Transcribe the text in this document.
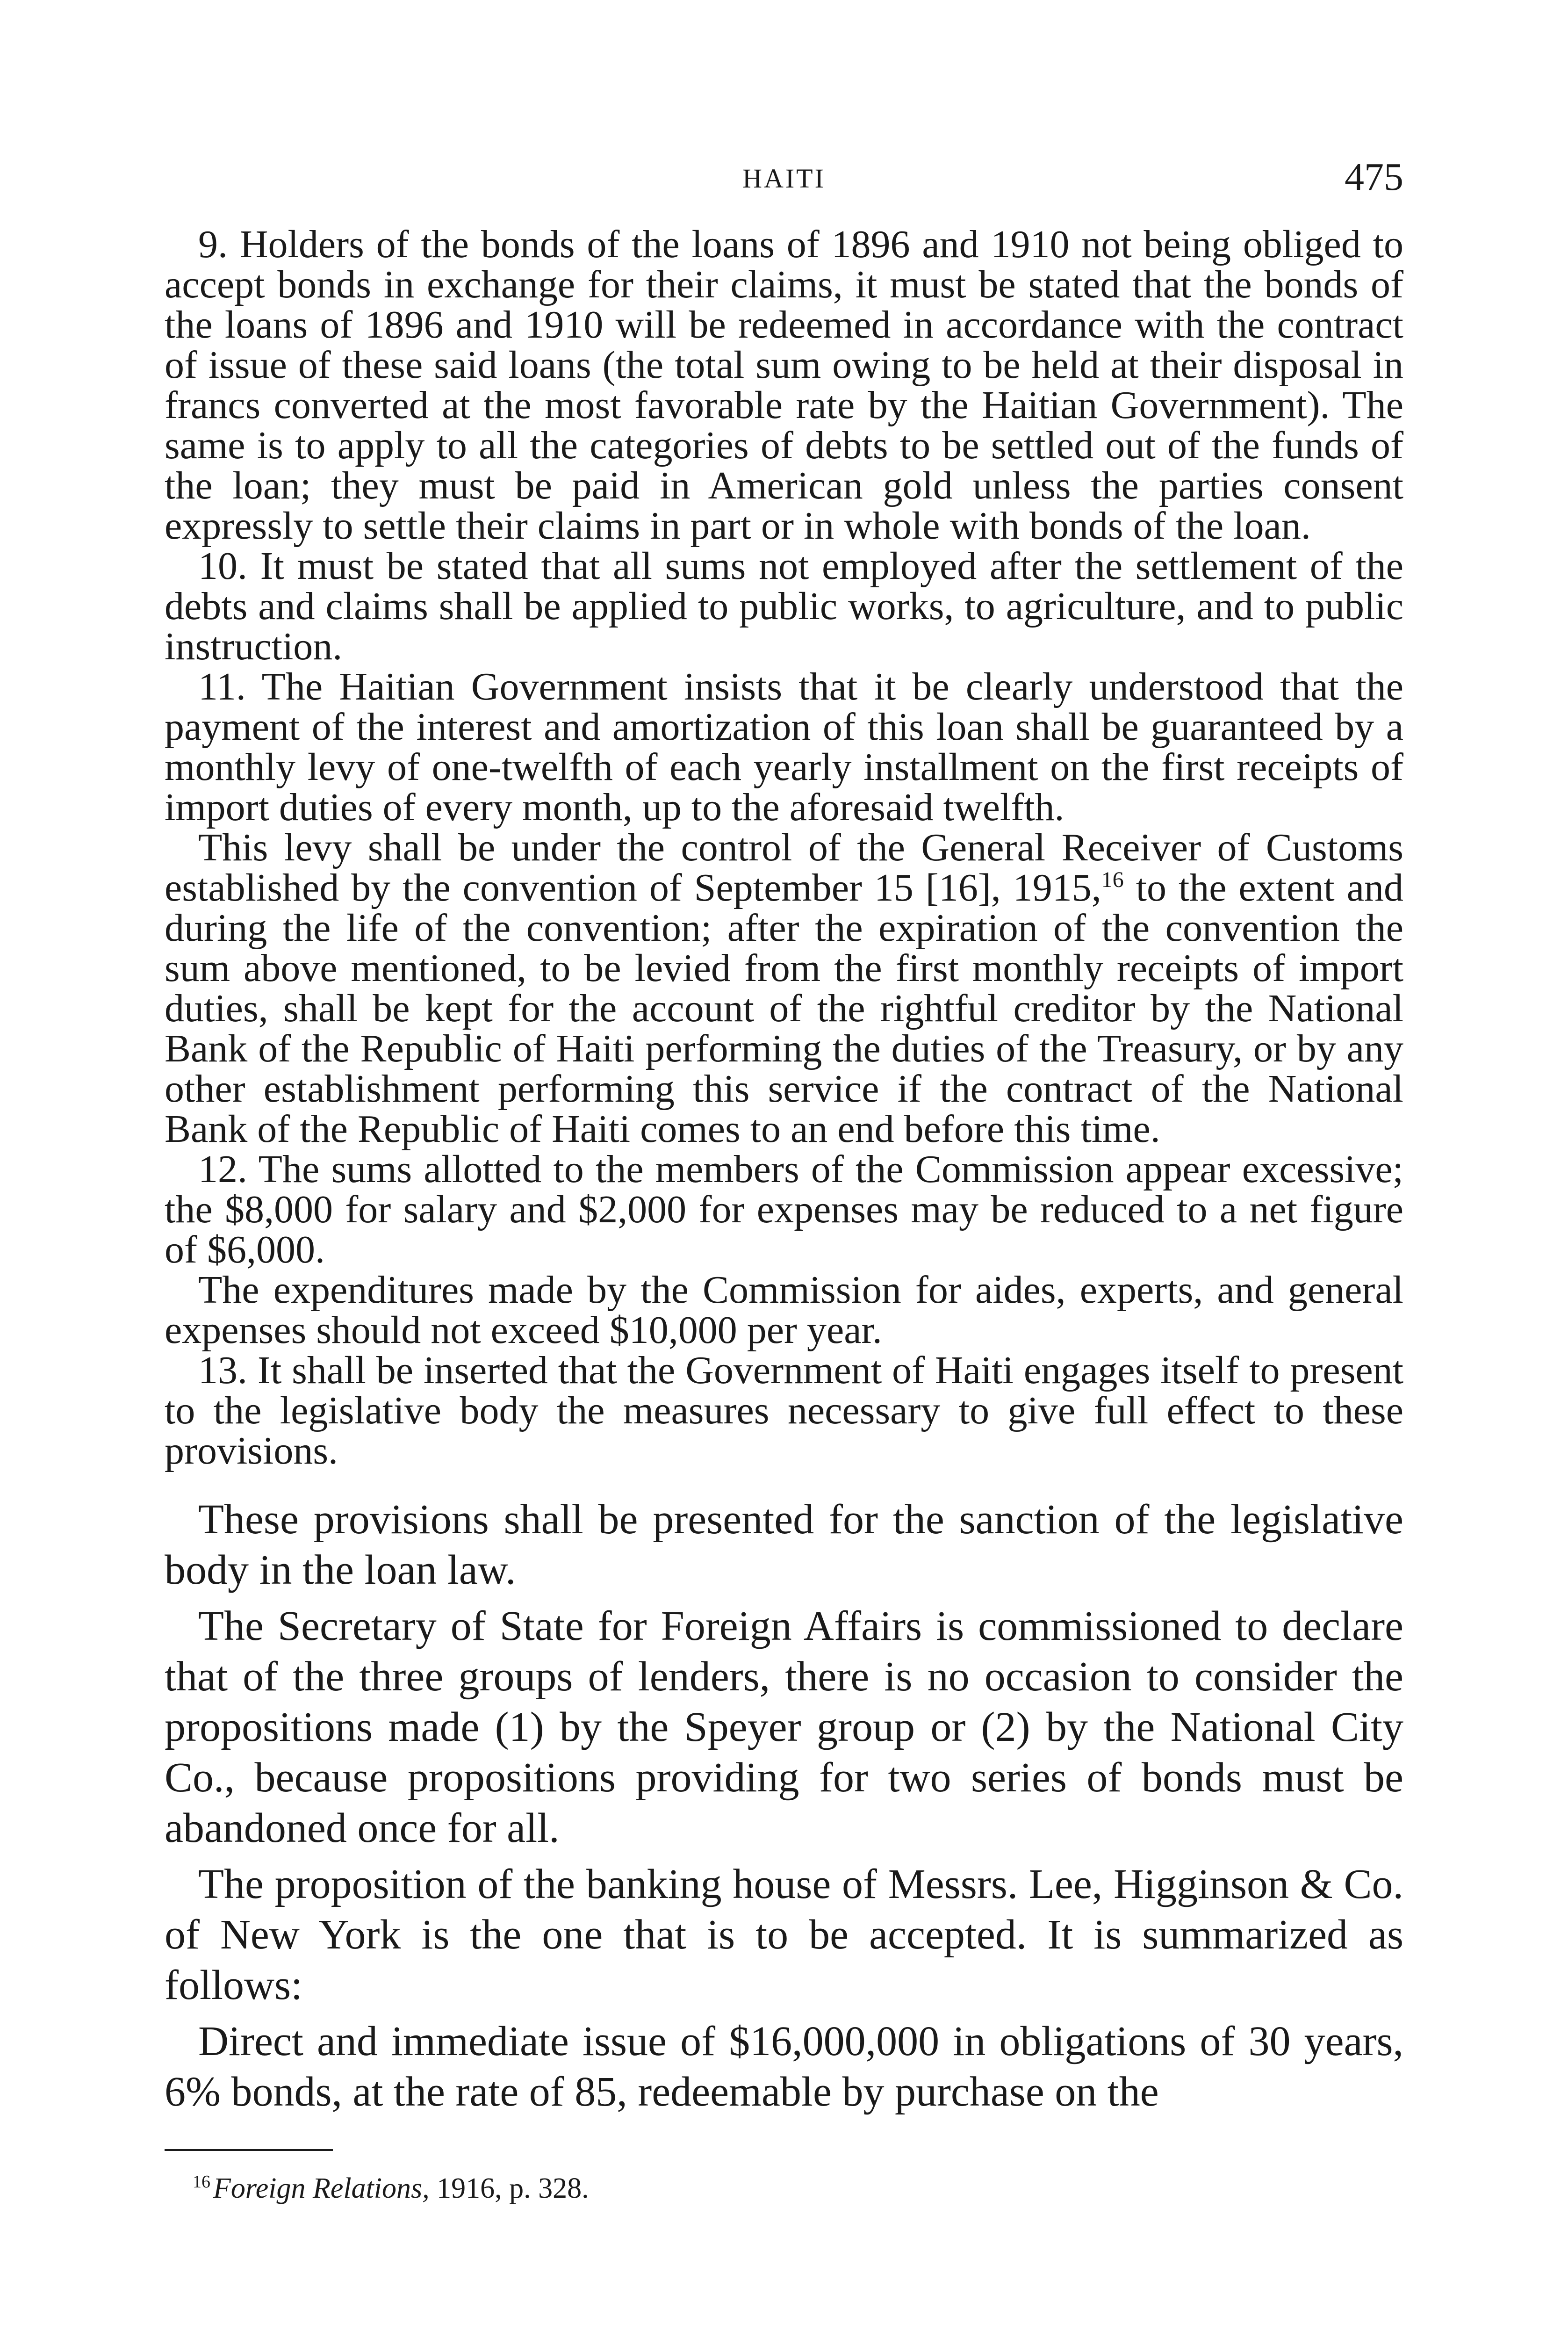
HAITI	475

9. Holders of the bonds of the loans of 1896 and 1910 not being obliged to accept bonds in exchange for their claims, it must be stated that the bonds of the loans of 1896 and 1910 will be redeemed in accordance with the contract of issue of these said loans (the total sum owing to be held at their disposal in francs converted at the most favorable rate by the Haitian Government). The same is to apply to all the categories of debts to be settled out of the funds of the loan; they must be paid in American gold unless the parties consent expressly to settle their claims in part or in whole with bonds of the loan.

10. It must be stated that all sums not employed after the settlement of the debts and claims shall be applied to public works, to agriculture, and to public instruction.

11. The Haitian Government insists that it be clearly understood that the payment of the interest and amortization of this loan shall be guaranteed by a monthly levy of one-twelfth of each yearly installment on the first receipts of import duties of every month, up to the aforesaid twelfth.

This levy shall be under the control of the General Receiver of Customs established by the convention of September 15 [16], 1915,16 to the extent and during the life of the convention; after the expiration of the convention the sum above mentioned, to be levied from the first monthly receipts of import duties, shall be kept for the account of the rightful creditor by the National Bank of the Republic of Haiti performing the duties of the Treasury, or by any other establishment performing this service if the contract of the National Bank of the Republic of Haiti comes to an end before this time.

12. The sums allotted to the members of the Commission appear excessive; the $8,000 for salary and $2,000 for expenses may be reduced to a net figure of $6,000.

The expenditures made by the Commission for aides, experts, and general expenses should not exceed $10,000 per year.

13. It shall be inserted that the Government of Haiti engages itself to present to the legislative body the measures necessary to give full effect to these provisions.

These provisions shall be presented for the sanction of the legislative body in the loan law.

The Secretary of State for Foreign Affairs is commissioned to declare that of the three groups of lenders, there is no occasion to consider the propositions made (1) by the Speyer group or (2) by the National City Co., because propositions providing for two series of bonds must be abandoned once for all.

The proposition of the banking house of Messrs. Lee, Higginson & Co. of New York is the one that is to be accepted. It is summarized as follows:

Direct and immediate issue of $16,000,000 in obligations of 30 years, 6% bonds, at the rate of 85, redeemable by purchase on the

$^{16}$Foreign Relations, 1916, p. 328.
